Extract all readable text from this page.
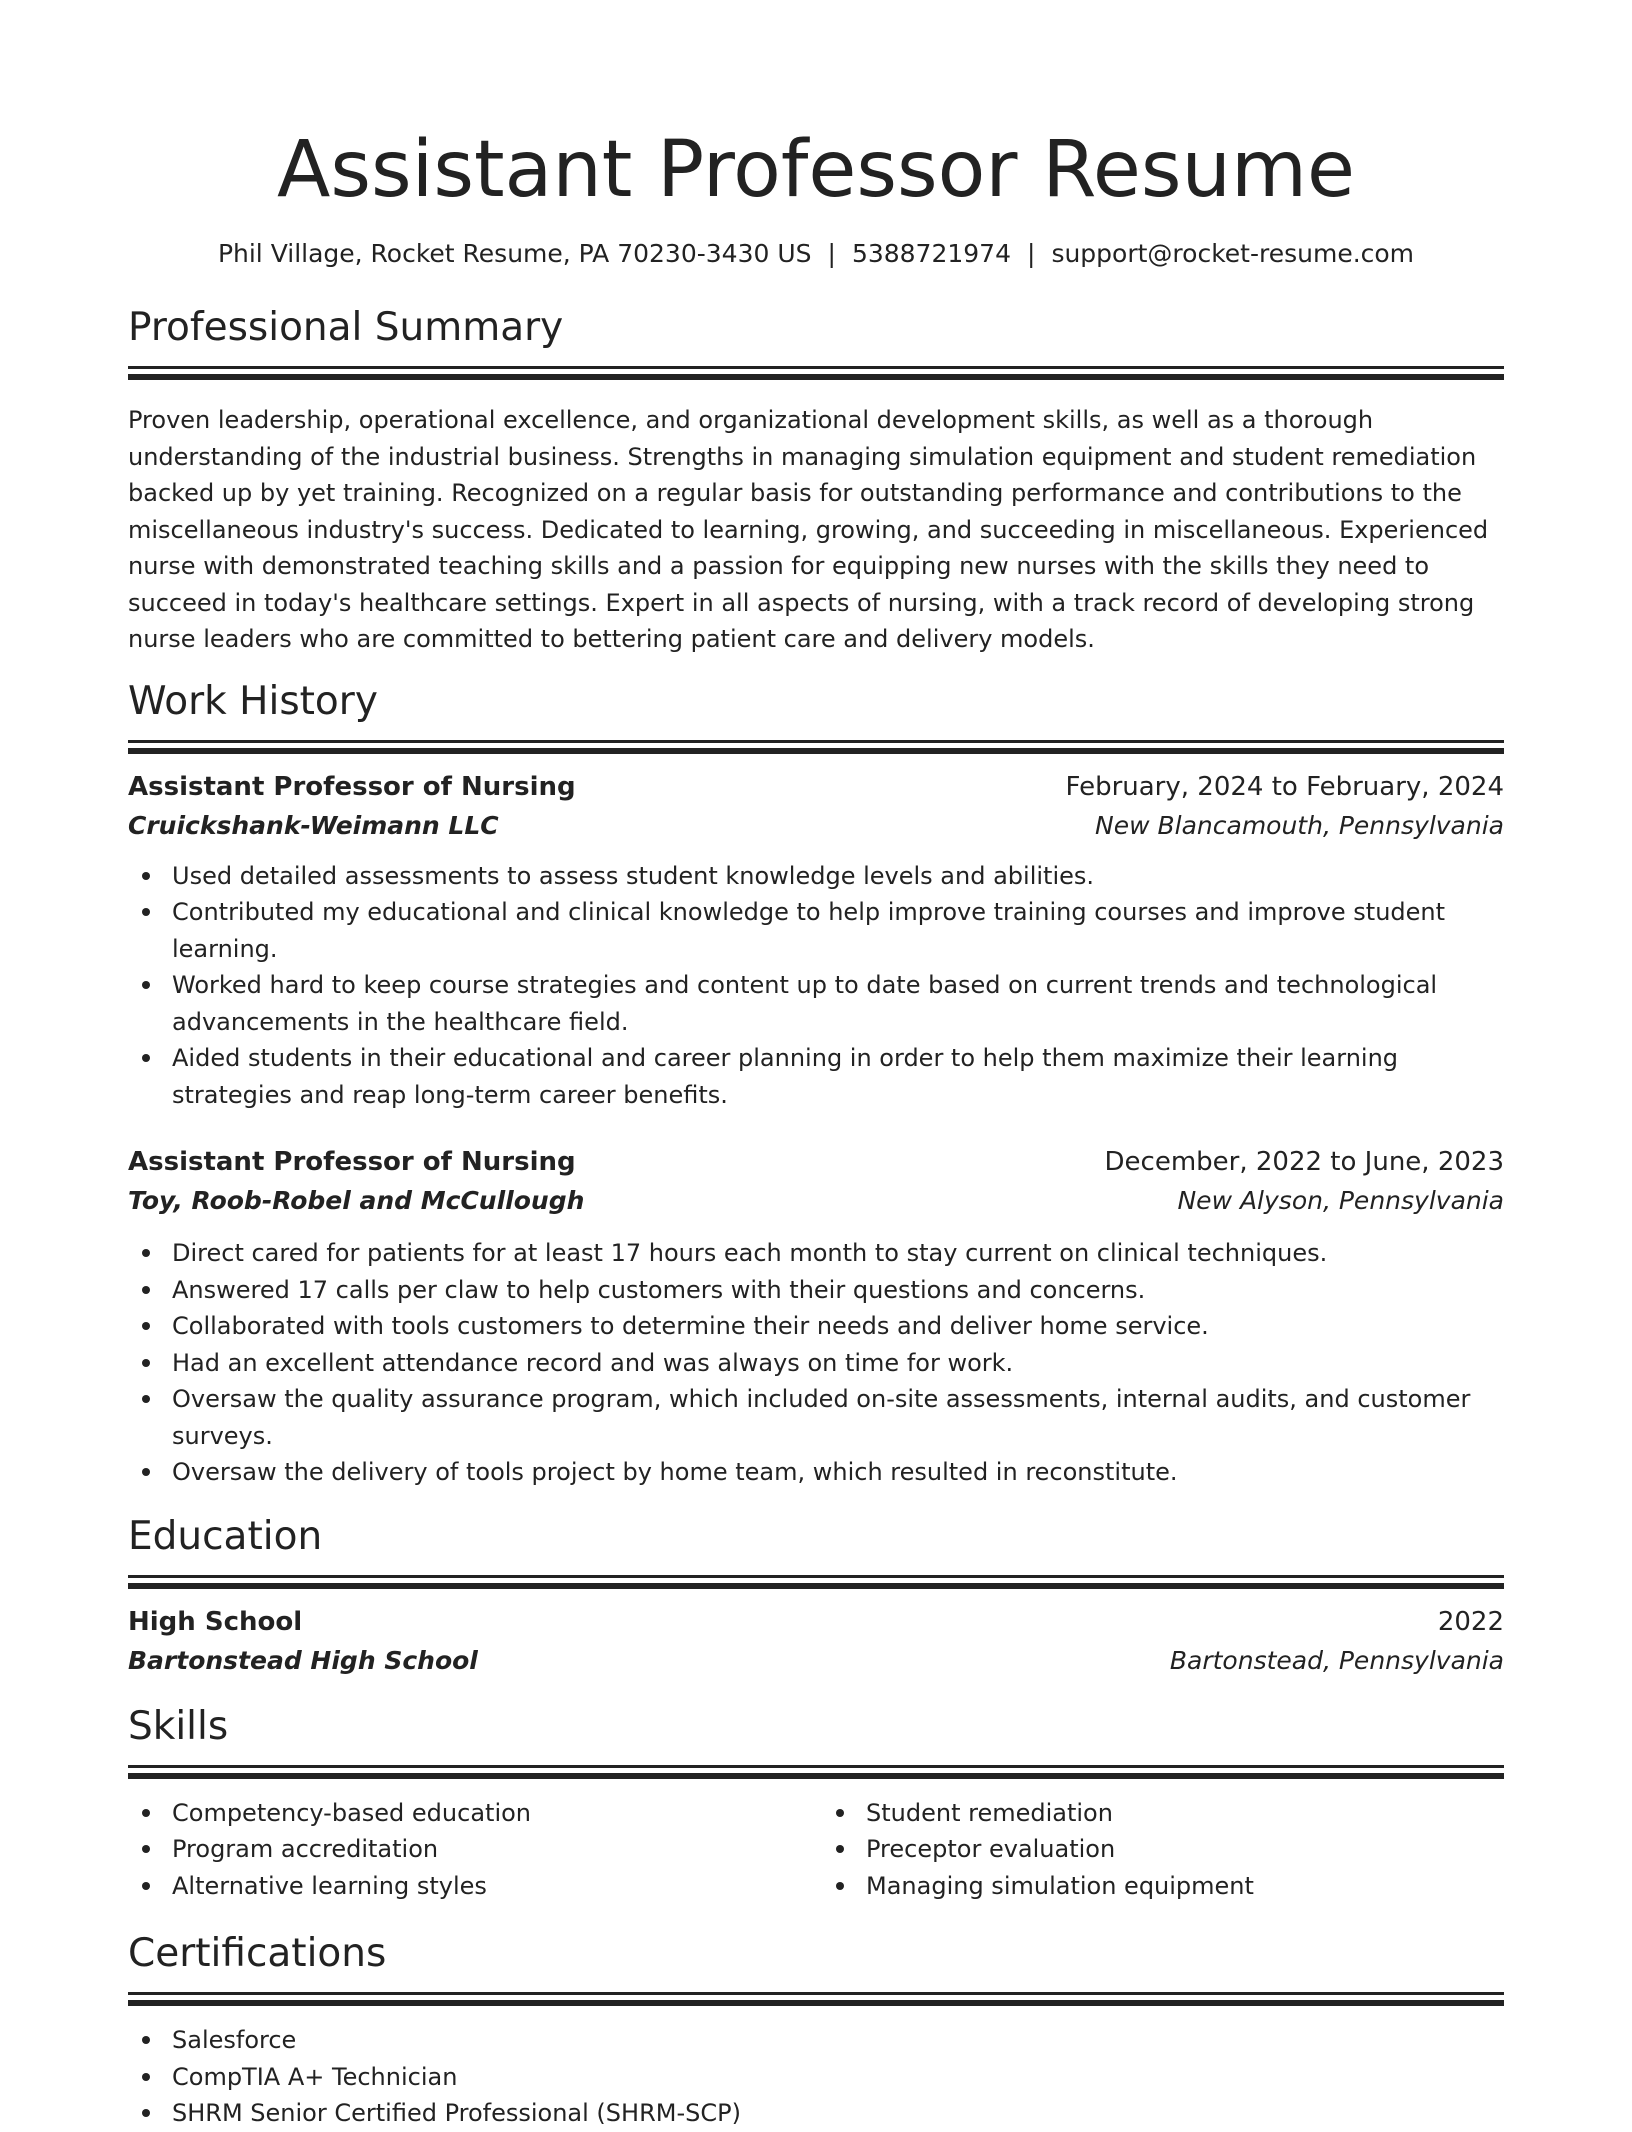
Assistant Professor Resume
Phil Village, Rocket Resume, PA 70230-3430 US | 5388721974 | support@rocket-resume.com
Professional Summary
Proven leadership, operational excellence, and organizational development skills, as well as a thorough understanding of the industrial business. Strengths in managing simulation equipment and student remediation backed up by yet training. Recognized on a regular basis for outstanding performance and contributions to the miscellaneous industry's success. Dedicated to learning, growing, and succeeding in miscellaneous. Experienced nurse with demonstrated teaching skills and a passion for equipping new nurses with the skills they need to succeed in today's healthcare settings. Expert in all aspects of nursing, with a track record of developing strong nurse leaders who are committed to bettering patient care and delivery models.
Work History
Assistant Professor of Nursing	February, 2024 to February, 2024
Cruickshank-Weimann LLC	New Blancamouth, Pennsylvania
Used detailed assessments to assess student knowledge levels and abilities.
Contributed my educational and clinical knowledge to help improve training courses and improve student learning.
Worked hard to keep course strategies and content up to date based on current trends and technological advancements in the healthcare field.
Aided students in their educational and career planning in order to help them maximize their learning strategies and reap long-term career benefits.
Assistant Professor of Nursing	December, 2022 to June, 2023
Toy, Roob-Robel and McCullough	New Alyson, Pennsylvania
Direct cared for patients for at least 17 hours each month to stay current on clinical techniques.
Answered 17 calls per claw to help customers with their questions and concerns.
Collaborated with tools customers to determine their needs and deliver home service.
Had an excellent attendance record and was always on time for work.
Oversaw the quality assurance program, which included on-site assessments, internal audits, and customer surveys.
Oversaw the delivery of tools project by home team, which resulted in reconstitute.
Education
High School	2022
Bartonstead High School	Bartonstead, Pennsylvania
Skills
Competency-based education
Program accreditation
Alternative learning styles
Student remediation
Preceptor evaluation
Managing simulation equipment
Certifications
Salesforce
CompTIA A+ Technician
SHRM Senior Certified Professional (SHRM-SCP)
